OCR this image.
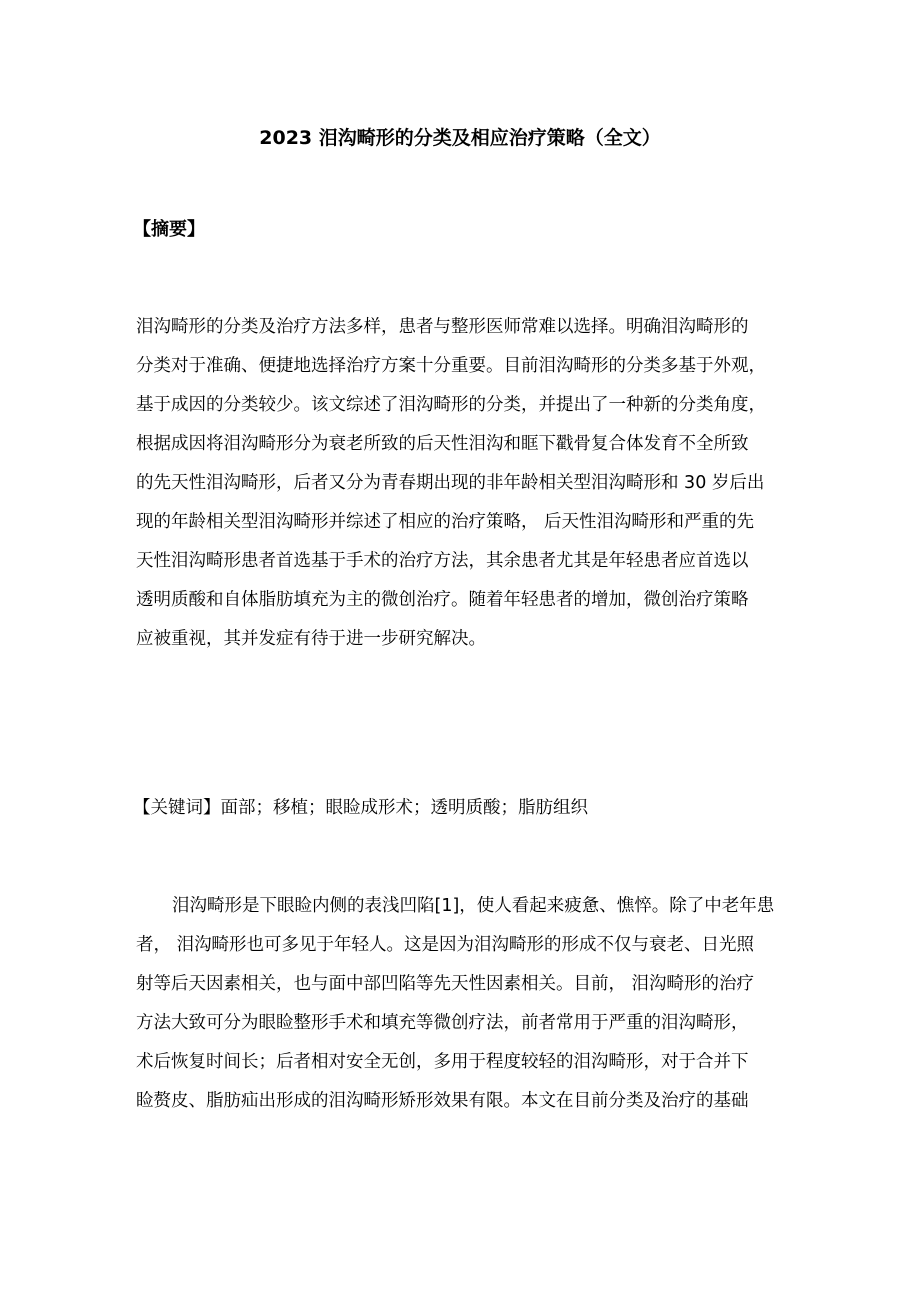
2023 泪沟畸形的分类及相应治疗策略（全文）
【摘要】
泪沟畸形的分类及治疗方法多样，患者与整形医师常难以选择。明确泪沟畸形的
分类对于准确、便捷地选择治疗方案十分重要。目前泪沟畸形的分类多基于外观，
基于成因的分类较少。该文综述了泪沟畸形的分类，并提出了一种新的分类角度，
根据成因将泪沟畸形分为衰老所致的后天性泪沟和眶下戳骨复合体发育不全所致
的先天性泪沟畸形，后者又分为青春期出现的非年龄相关型泪沟畸形和 30 岁后出
现的年龄相关型泪沟畸形并综述了相应的治疗策略， 后天性泪沟畸形和严重的先
天性泪沟畸形患者首选基于手术的治疗方法，其余患者尤其是年轻患者应首选以
透明质酸和自体脂肪填充为主的微创治疗。随着年轻患者的增加，微创治疗策略
应被重视，其并发症有待于进一步研究解决。
【关键词】面部；移植；眼睑成形术；透明质酸；脂肪组织
泪沟畸形是下眼睑内侧的表浅凹陷[1]，使人看起来疲惫、憔悴。除了中老年患
者， 泪沟畸形也可多见于年轻人。这是因为泪沟畸形的形成不仅与衰老、日光照
射等后天因素相关，也与面中部凹陷等先天性因素相关。目前， 泪沟畸形的治疗
方法大致可分为眼睑整形手术和填充等微创疗法，前者常用于严重的泪沟畸形，
术后恢复时间长；后者相对安全无创，多用于程度较轻的泪沟畸形，对于合并下
睑赘皮、脂肪疝出形成的泪沟畸形矫形效果有限。本文在目前分类及治疗的基础
